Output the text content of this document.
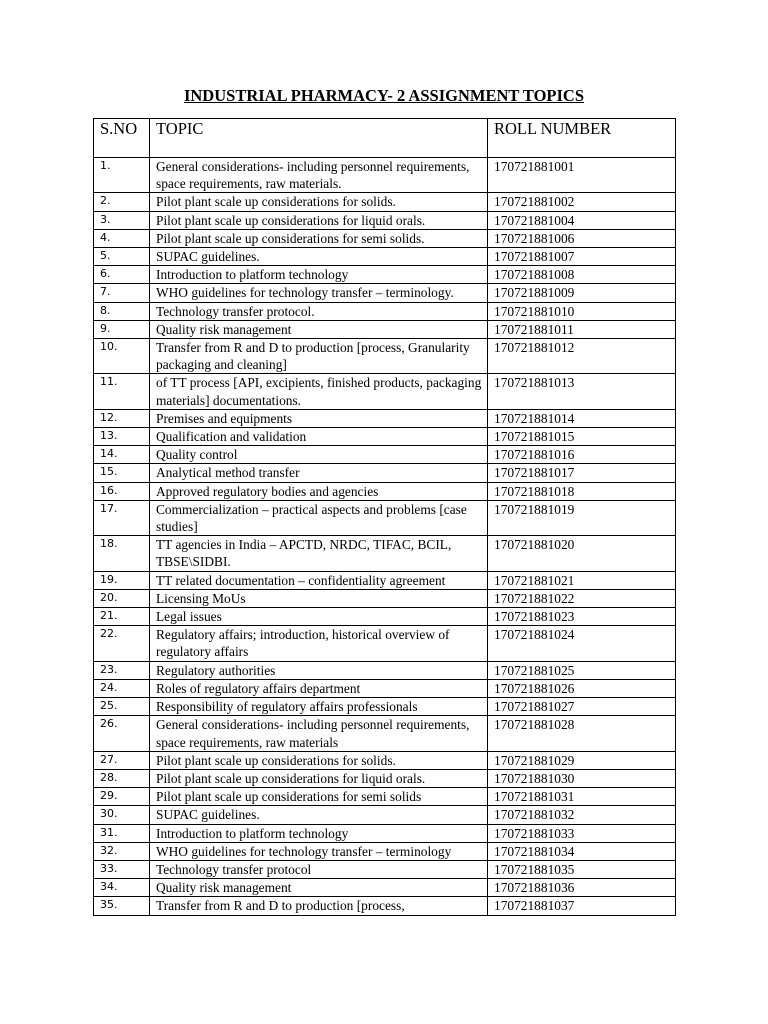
INDUSTRIAL PHARMACY- 2 ASSIGNMENT TOPICS
S.NO	TOPIC	ROLL NUMBER
1.	General considerations- including personnel requirements, space requirements, raw materials.	170721881001
2.	Pilot plant scale up considerations for solids.	170721881002
3.	Pilot plant scale up considerations for liquid orals.	170721881004
4.	Pilot plant scale up considerations for semi solids.	170721881006
5.	SUPAC guidelines.	170721881007
6.	Introduction to platform technology	170721881008
7.	WHO guidelines for technology transfer – terminology.	170721881009
8.	Technology transfer protocol.	170721881010
9.	Quality risk management	170721881011
10.	Transfer from R and D to production [process, Granularity packaging and cleaning]	170721881012
11.	of TT process [API, excipients, finished products, packaging materials] documentations.	170721881013
12.	Premises and equipments	170721881014
13.	Qualification and validation	170721881015
14.	Quality control	170721881016
15.	Analytical method transfer	170721881017
16.	Approved regulatory bodies and agencies	170721881018
17.	Commercialization – practical aspects and problems [case studies]	170721881019
18.	TT agencies in India – APCTD, NRDC, TIFAC, BCIL, TBSE\SIDBI.	170721881020
19.	TT related documentation – confidentiality agreement	170721881021
20.	Licensing MoUs	170721881022
21.	Legal issues	170721881023
22.	Regulatory affairs; introduction, historical overview of regulatory affairs	170721881024
23.	Regulatory authorities	170721881025
24.	Roles of regulatory affairs department	170721881026
25.	Responsibility of regulatory affairs professionals	170721881027
26.	General considerations- including personnel requirements, space requirements, raw materials	170721881028
27.	Pilot plant scale up considerations for solids.	170721881029
28.	Pilot plant scale up considerations for liquid orals.	170721881030
29.	Pilot plant scale up considerations for semi solids	170721881031
30.	SUPAC guidelines.	170721881032
31.	Introduction to platform technology	170721881033
32.	WHO guidelines for technology transfer – terminology	170721881034
33.	Technology transfer protocol	170721881035
34.	Quality risk management	170721881036
35.	Transfer from R and D to production [process,	170721881037
